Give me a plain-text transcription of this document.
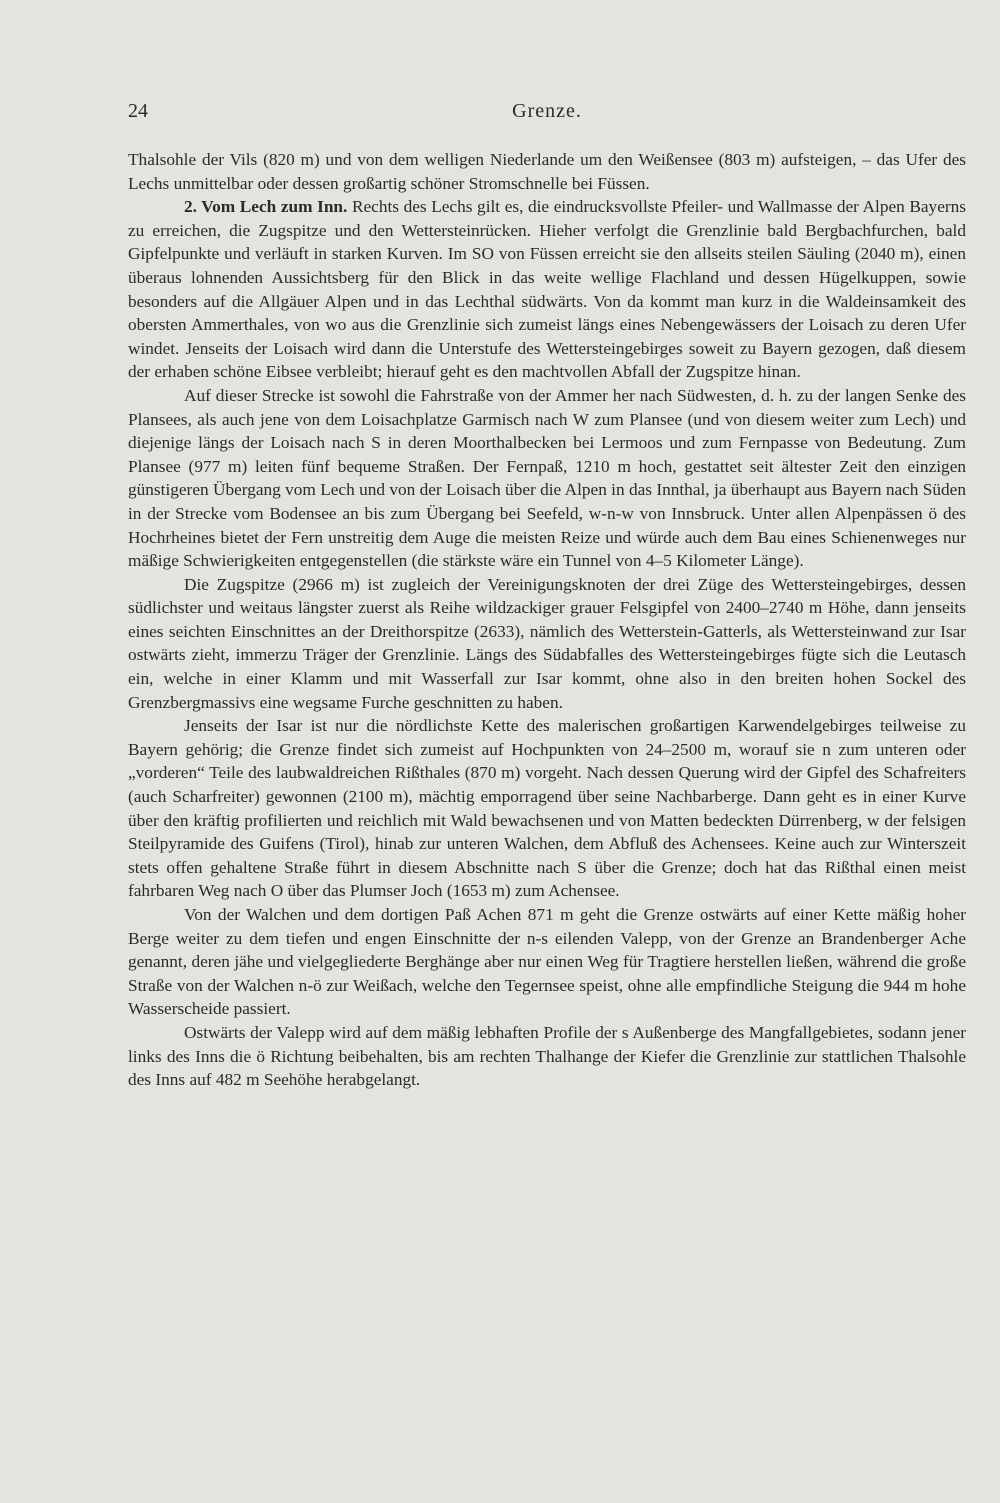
24	Grenze.

Thalsohle der Vils (820 m) und von dem welligen Niederlande um den Weißensee (803 m) aufsteigen, – das Ufer des Lechs unmittelbar oder dessen großartig schöner Stromschnelle bei Füssen.

2. Vom Lech zum Inn. Rechts des Lechs gilt es, die eindrucksvollste Pfeiler- und Wallmasse der Alpen Bayerns zu erreichen, die Zugspitze und den Wettersteinrücken. Hieher verfolgt die Grenzlinie bald Bergbachfurchen, bald Gipfelpunkte und verläuft in starken Kurven. Im SO von Füssen erreicht sie den allseits steilen Säuling (2040 m), einen überaus lohnenden Aussichtsberg für den Blick in das weite wellige Flachland und dessen Hügelkuppen, sowie besonders auf die Allgäuer Alpen und in das Lechthal südwärts. Von da kommt man kurz in die Waldeinsamkeit des obersten Ammerthales, von wo aus die Grenzlinie sich zumeist längs eines Nebengewässers der Loisach zu deren Ufer windet. Jenseits der Loisach wird dann die Unterstufe des Wettersteingebirges soweit zu Bayern gezogen, daß diesem der erhaben schöne Eibsee verbleibt; hierauf geht es den machtvollen Abfall der Zugspitze hinan.

Auf dieser Strecke ist sowohl die Fahrstraße von der Ammer her nach Südwesten, d. h. zu der langen Senke des Plansees, als auch jene von dem Loisachplatze Garmisch nach W zum Plansee (und von diesem weiter zum Lech) und diejenige längs der Loisach nach S in deren Moorthalbecken bei Lermoos und zum Fernpasse von Bedeutung. Zum Plansee (977 m) leiten fünf bequeme Straßen. Der Fernpaß, 1210 m hoch, gestattet seit ältester Zeit den einzigen günstigeren Übergang vom Lech und von der Loisach über die Alpen in das Innthal, ja überhaupt aus Bayern nach Süden in der Strecke vom Bodensee an bis zum Übergang bei Seefeld, w-n-w von Innsbruck. Unter allen Alpenpässen ö des Hochrheines bietet der Fern unstreitig dem Auge die meisten Reize und würde auch dem Bau eines Schienenweges nur mäßige Schwierigkeiten entgegenstellen (die stärkste wäre ein Tunnel von 4–5 Kilometer Länge).

Die Zugspitze (2966 m) ist zugleich der Vereinigungsknoten der drei Züge des Wettersteingebirges, dessen südlichster und weitaus längster zuerst als Reihe wildzackiger grauer Felsgipfel von 2400–2740 m Höhe, dann jenseits eines seichten Einschnittes an der Dreithorspitze (2633), nämlich des Wetterstein-Gatterls, als Wettersteinwand zur Isar ostwärts zieht, immerzu Träger der Grenzlinie. Längs des Südabfalles des Wettersteingebirges fügte sich die Leutasch ein, welche in einer Klamm und mit Wasserfall zur Isar kommt, ohne also in den breiten hohen Sockel des Grenzbergmassivs eine wegsame Furche geschnitten zu haben.

Jenseits der Isar ist nur die nördlichste Kette des malerischen großartigen Karwendelgebirges teilweise zu Bayern gehörig; die Grenze findet sich zumeist auf Hochpunkten von 24–2500 m, worauf sie n zum unteren oder „vorderen“ Teile des laubwaldreichen Rißthales (870 m) vorgeht. Nach dessen Querung wird der Gipfel des Schafreiters (auch Scharfreiter) gewonnen (2100 m), mächtig emporragend über seine Nachbarberge. Dann geht es in einer Kurve über den kräftig profilierten und reichlich mit Wald bewachsenen und von Matten bedeckten Dürrenberg, w der felsigen Steilpyramide des Guifens (Tirol), hinab zur unteren Walchen, dem Abfluß des Achensees. Keine auch zur Winterszeit stets offen gehaltene Straße führt in diesem Abschnitte nach S über die Grenze; doch hat das Rißthal einen meist fahrbaren Weg nach O über das Plumser Joch (1653 m) zum Achensee.

Von der Walchen und dem dortigen Paß Achen 871 m geht die Grenze ostwärts auf einer Kette mäßig hoher Berge weiter zu dem tiefen und engen Einschnitte der n-s eilenden Valepp, von der Grenze an Brandenberger Ache genannt, deren jähe und vielgegliederte Berghänge aber nur einen Weg für Tragtiere herstellen ließen, während die große Straße von der Walchen n-ö zur Weißach, welche den Tegernsee speist, ohne alle empfindliche Steigung die 944 m hohe Wasserscheide passiert.

Ostwärts der Valepp wird auf dem mäßig lebhaften Profile der s Außenberge des Mangfallgebietes, sodann jener links des Inns die ö Richtung beibehalten, bis am rechten Thalhange der Kiefer die Grenzlinie zur stattlichen Thalsohle des Inns auf 482 m Seehöhe herabgelangt.
